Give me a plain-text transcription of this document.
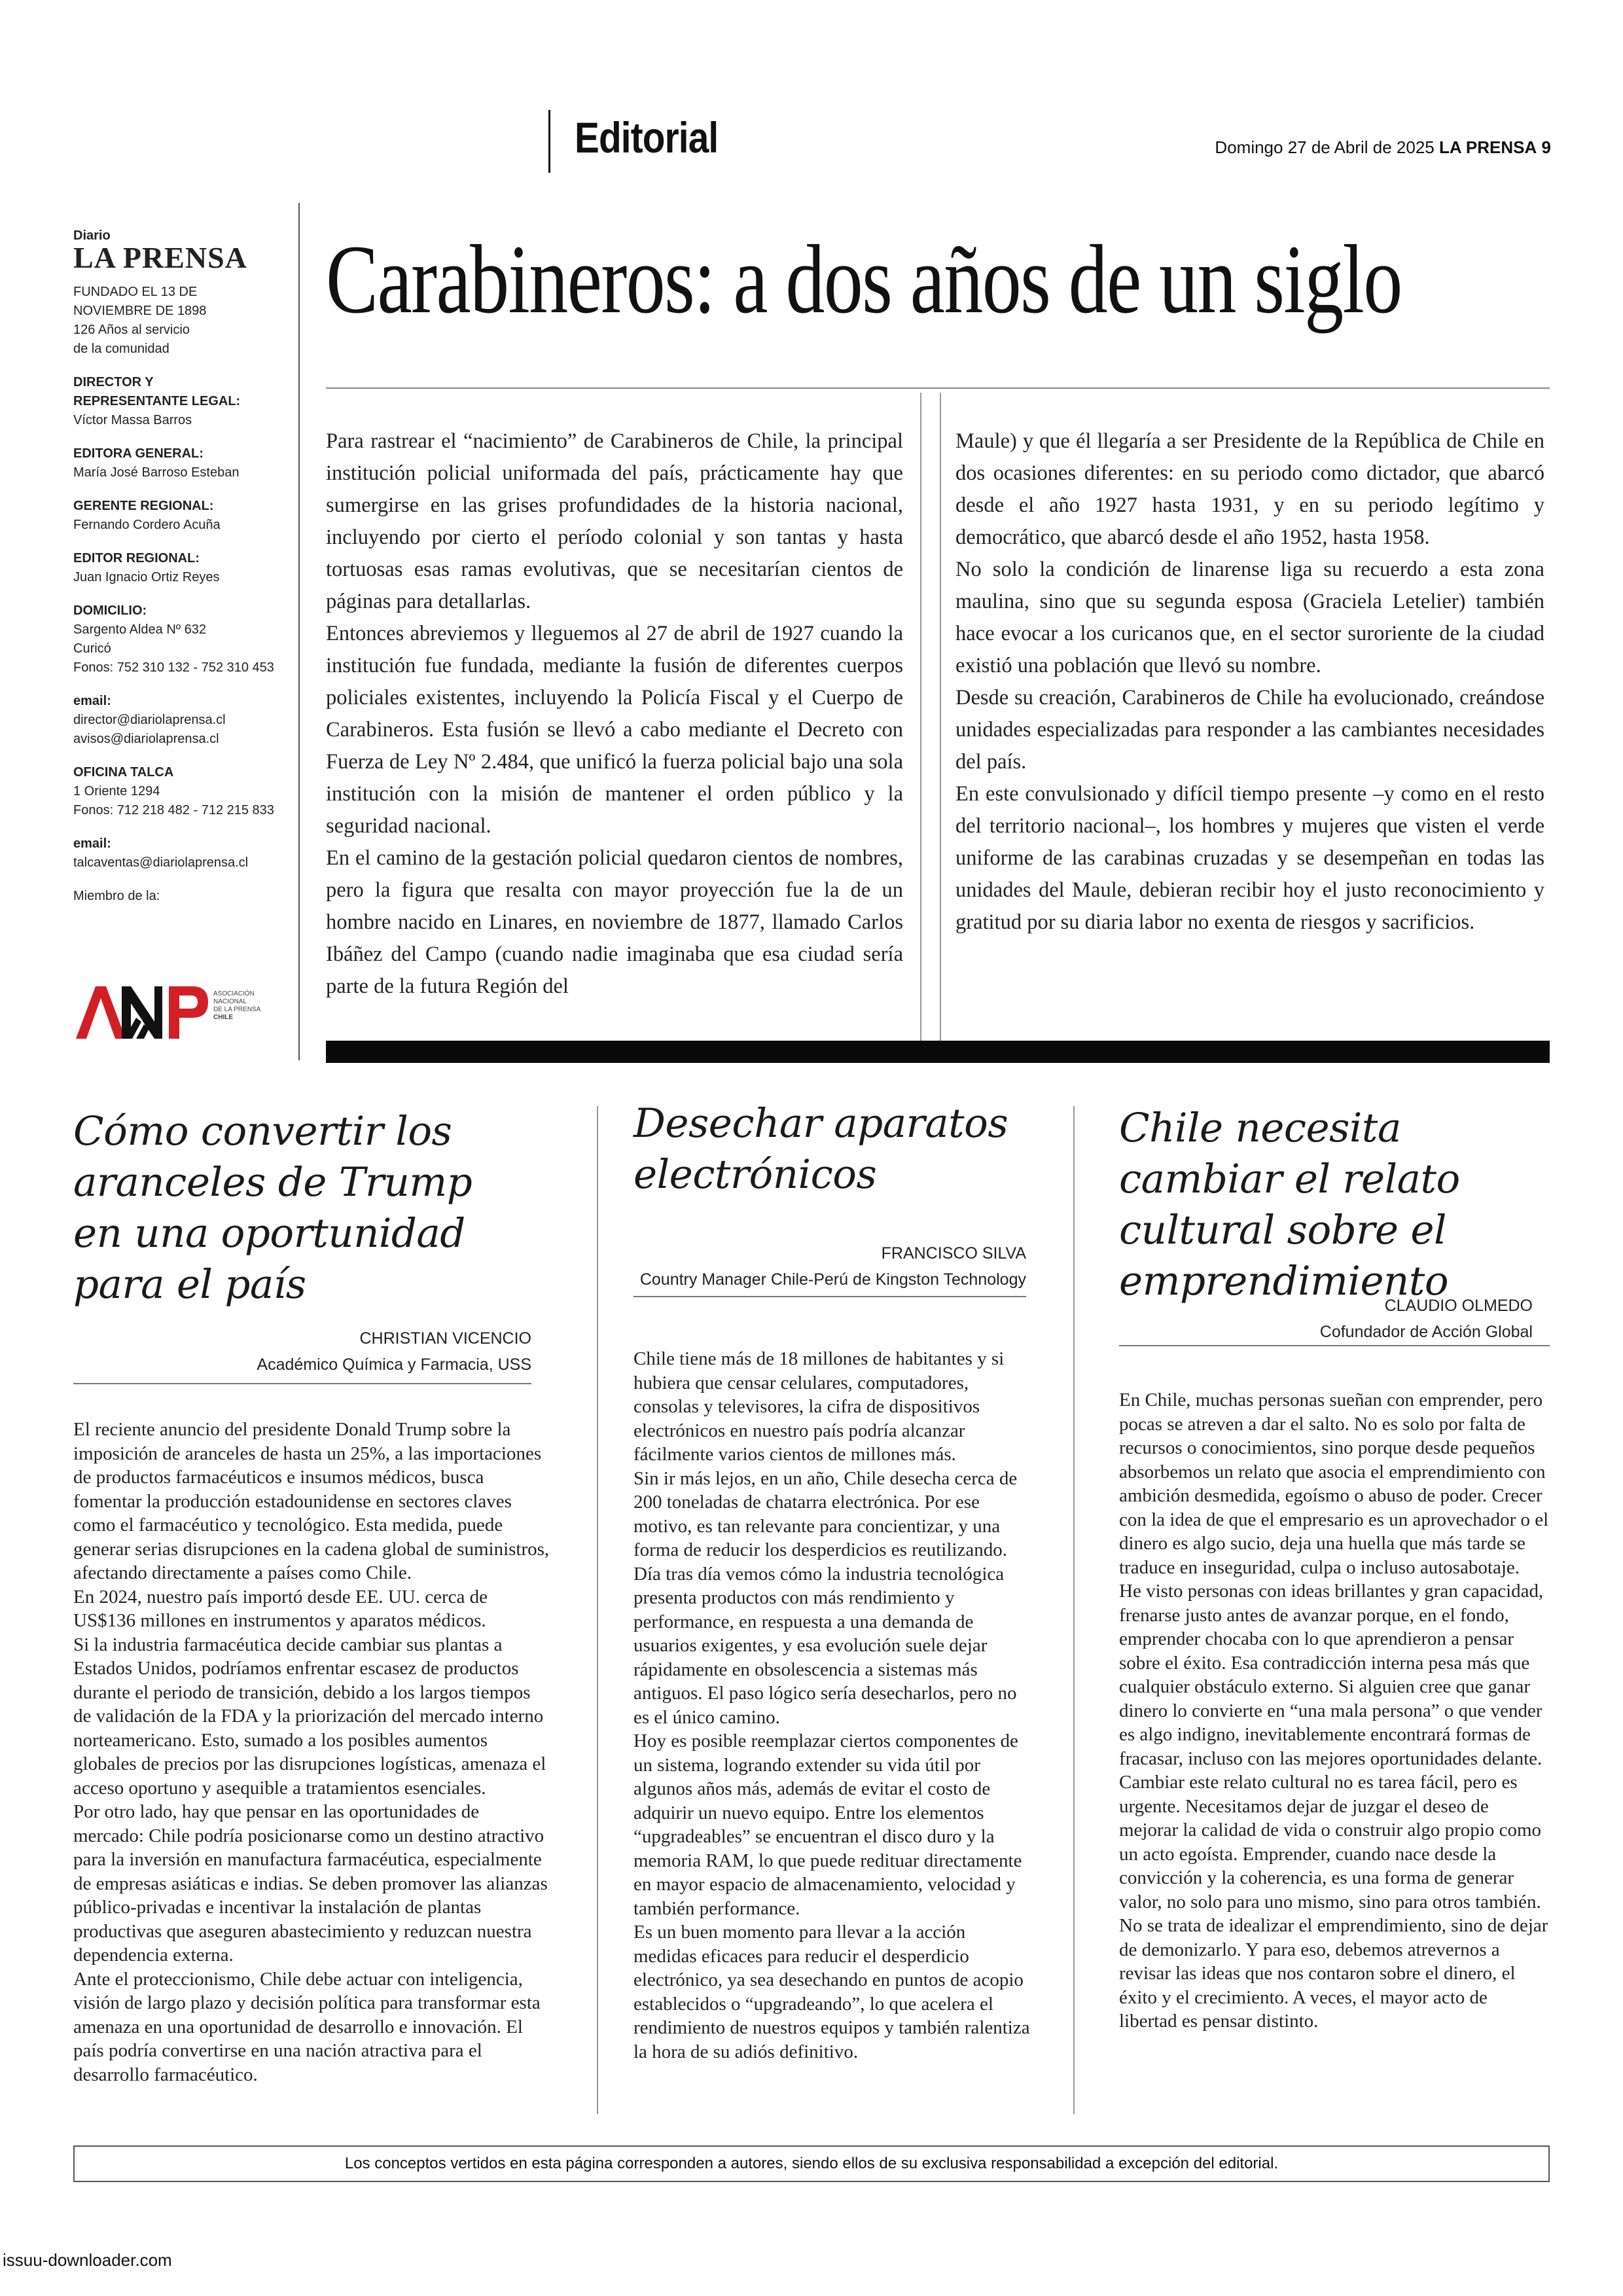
Editorial	Domingo 27 de Abril de 2025 LA PRENSA 9
Diario
LA PRENSA
FUNDADO EL 13 DE
NOVIEMBRE DE 1898
126 Años al servicio
de la comunidad
DIRECTOR Y
REPRESENTANTE LEGAL:
Víctor Massa Barros
EDITORA GENERAL:
María José Barroso Esteban
GERENTE REGIONAL:
Fernando Cordero Acuña
EDITOR REGIONAL:
Juan Ignacio Ortiz Reyes
DOMICILIO:
Sargento Aldea Nº 632
Curicó
Fonos: 752 310 132 - 752 310 453
email:
director@diariolaprensa.cl
avisos@diariolaprensa.cl
OFICINA TALCA
1 Oriente 1294
Fonos: 712 218 482 - 712 215 833
email:
talcaventas@diariolaprensa.cl
Miembro de la:
ASOCIACIÓN
NACIONAL
DE LA PRENSA
CHILE
Carabineros: a dos años de un siglo

Para rastrear el “nacimiento” de Carabineros de Chile, la principal institución policial uniformada del país, prácticamente hay que sumergirse en las grises profundidades de la historia nacional, incluyendo por cierto el período colonial y son tantas y hasta tortuosas esas ramas evolutivas, que se necesitarían cientos de páginas para detallarlas.

Entonces abreviemos y lleguemos al 27 de abril de 1927 cuando la institución fue fundada, mediante la fusión de diferentes cuerpos policiales existentes, incluyendo la Policía Fiscal y el Cuerpo de Carabineros. Esta fusión se llevó a cabo mediante el Decreto con Fuerza de Ley Nº 2.484, que unificó la fuerza policial bajo una sola institución con la misión de mantener el orden público y la seguridad nacional.

En el camino de la gestación policial quedaron cientos de nombres, pero la figura que resalta con mayor proyección fue la de un hombre nacido en Linares, en noviembre de 1877, llamado Carlos Ibáñez del Campo (cuando nadie imaginaba que esa ciudad sería parte de la futura Región del

Maule) y que él llegaría a ser Presidente de la República de Chile en dos ocasiones diferentes: en su periodo como dictador, que abarcó desde el año 1927 hasta 1931, y en su periodo legítimo y democrático, que abarcó desde el año 1952, hasta 1958.

No solo la condición de linarense liga su recuerdo a esta zona maulina, sino que su segunda esposa (Graciela Letelier) también hace evocar a los curicanos que, en el sector suroriente de la ciudad existió una población que llevó su nombre.

Desde su creación, Carabineros de Chile ha evolucionado, creándose unidades especializadas para responder a las cambiantes necesidades del país.

En este convulsionado y difícil tiempo presente –y como en el resto del territorio nacional–, los hombres y mujeres que visten el verde uniforme de las carabinas cruzadas y se desempeñan en todas las unidades del Maule, debieran recibir hoy el justo reconocimiento y gratitud por su diaria labor no exenta de riesgos y sacrificios.

Cómo convertir los aranceles de Trump en una oportunidad para el país
CHRISTIAN VICENCIO
Académico Química y Farmacia, USS

El reciente anuncio del presidente Donald Trump sobre la imposición de aranceles de hasta un 25%, a las importaciones de productos farmacéuticos e insumos médicos, busca fomentar la producción estadounidense en sectores claves como el farmacéutico y tecnológico. Esta medida, puede generar serias disrupciones en la cadena global de suministros, afectando directamente a países como Chile.

En 2024, nuestro país importó desde EE. UU. cerca de US$136 millones en instrumentos y aparatos médicos.

Si la industria farmacéutica decide cambiar sus plantas a Estados Unidos, podríamos enfrentar escasez de productos durante el periodo de transición, debido a los largos tiempos de validación de la FDA y la priorización del mercado interno norteamericano. Esto, sumado a los posibles aumentos globales de precios por las disrupciones logísticas, amenaza el acceso oportuno y asequible a tratamientos esenciales.

Por otro lado, hay que pensar en las oportunidades de mercado: Chile podría posicionarse como un destino atractivo para la inversión en manufactura farmacéutica, especialmente de empresas asiáticas e indias. Se deben promover las alianzas público-privadas e incentivar la instalación de plantas productivas que aseguren abastecimiento y reduzcan nuestra dependencia externa.

Ante el proteccionismo, Chile debe actuar con inteligencia, visión de largo plazo y decisión política para transformar esta amenaza en una oportunidad de desarrollo e innovación. El país podría convertirse en una nación atractiva para el desarrollo farmacéutico.

Desechar aparatos electrónicos
FRANCISCO SILVA
Country Manager Chile-Perú de Kingston Technology

Chile tiene más de 18 millones de habitantes y si hubiera que censar celulares, computadores, consolas y televisores, la cifra de dispositivos electrónicos en nuestro país podría alcanzar fácilmente varios cientos de millones más.

Sin ir más lejos, en un año, Chile desecha cerca de 200 toneladas de chatarra electrónica. Por ese motivo, es tan relevante para concientizar, y una forma de reducir los desperdicios es reutilizando.

Día tras día vemos cómo la industria tecnológica presenta productos con más rendimiento y performance, en respuesta a una demanda de usuarios exigentes, y esa evolución suele dejar rápidamente en obsolescencia a sistemas más antiguos. El paso lógico sería desecharlos, pero no es el único camino.

Hoy es posible reemplazar ciertos componentes de un sistema, logrando extender su vida útil por algunos años más, además de evitar el costo de adquirir un nuevo equipo. Entre los elementos “upgradeables” se encuentran el disco duro y la memoria RAM, lo que puede redituar directamente en mayor espacio de almacenamiento, velocidad y también performance.

Es un buen momento para llevar a la acción medidas eficaces para reducir el desperdicio electrónico, ya sea desechando en puntos de acopio establecidos o “upgradeando”, lo que acelera el rendimiento de nuestros equipos y también ralentiza la hora de su adiós definitivo.

Chile necesita cambiar el relato cultural sobre el emprendimiento
CLAUDIO OLMEDO
Cofundador de Acción Global

En Chile, muchas personas sueñan con emprender, pero pocas se atreven a dar el salto. No es solo por falta de recursos o conocimientos, sino porque desde pequeños absorbemos un relato que asocia el emprendimiento con ambición desmedida, egoísmo o abuso de poder. Crecer con la idea de que el empresario es un aprovechador o el dinero es algo sucio, deja una huella que más tarde se traduce en inseguridad, culpa o incluso autosabotaje.

He visto personas con ideas brillantes y gran capacidad, frenarse justo antes de avanzar porque, en el fondo, emprender chocaba con lo que aprendieron a pensar sobre el éxito. Esa contradicción interna pesa más que cualquier obstáculo externo. Si alguien cree que ganar dinero lo convierte en “una mala persona” o que vender es algo indigno, inevitablemente encontrará formas de fracasar, incluso con las mejores oportunidades delante.

Cambiar este relato cultural no es tarea fácil, pero es urgente. Necesitamos dejar de juzgar el deseo de mejorar la calidad de vida o construir algo propio como un acto egoísta. Emprender, cuando nace desde la convicción y la coherencia, es una forma de generar valor, no solo para uno mismo, sino para otros también.

No se trata de idealizar el emprendimiento, sino de dejar de demonizarlo. Y para eso, debemos atrevernos a revisar las ideas que nos contaron sobre el dinero, el éxito y el crecimiento. A veces, el mayor acto de libertad es pensar distinto.

Los conceptos vertidos en esta página corresponden a autores, siendo ellos de su exclusiva responsabilidad a excepción del editorial.
issuu-downloader.com
